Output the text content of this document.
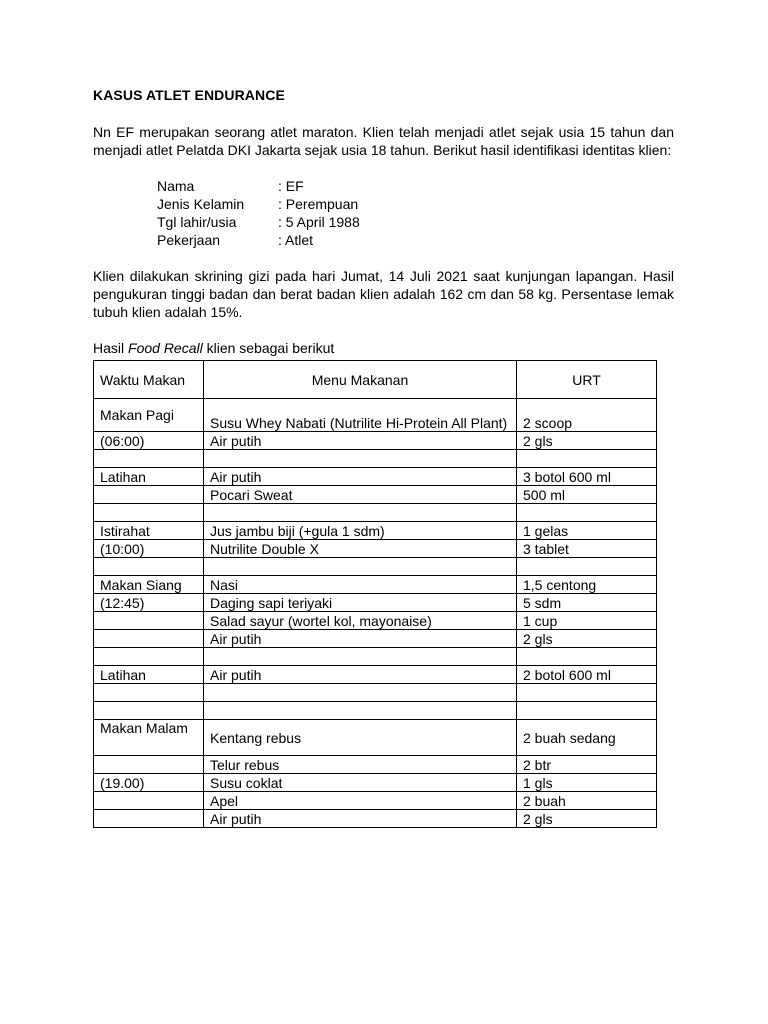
KASUS ATLET ENDURANCE
Nn EF merupakan seorang atlet maraton. Klien telah menjadi atlet sejak usia 15 tahun dan menjadi atlet Pelatda DKI Jakarta sejak usia 18 tahun. Berikut hasil identifikasi identitas klien:
Nama	: EF
Jenis Kelamin	: Perempuan
Tgl lahir/usia	: 5 April 1988
Pekerjaan	: Atlet
Klien dilakukan skrining gizi pada hari Jumat, 14 Juli 2021 saat kunjungan lapangan. Hasil pengukuran tinggi badan dan berat badan klien adalah 162 cm dan 58 kg. Persentase lemak tubuh klien adalah 15%.
Hasil Food Recall klien sebagai berikut
Waktu Makan	Menu Makanan	URT
Makan Pagi	Susu Whey Nabati (Nutrilite Hi-Protein All Plant)	2 scoop
(06:00)	Air putih	2 gls

Latihan	Air putih	3 botol 600 ml
	Pocari Sweat	500 ml

Istirahat	Jus jambu biji (+gula 1 sdm)	1 gelas
(10:00)	Nutrilite Double X	3 tablet

Makan Siang	Nasi	1,5 centong
(12:45)	Daging sapi teriyaki	5 sdm
	Salad sayur (wortel kol, mayonaise)	1 cup
	Air putih	2 gls

Latihan	Air putih	2 botol 600 ml

Makan Malam	Kentang rebus	2 buah sedang
	Telur rebus	2 btr
(19.00)	Susu coklat	1 gls
	Apel	2 buah
	Air putih	2 gls
